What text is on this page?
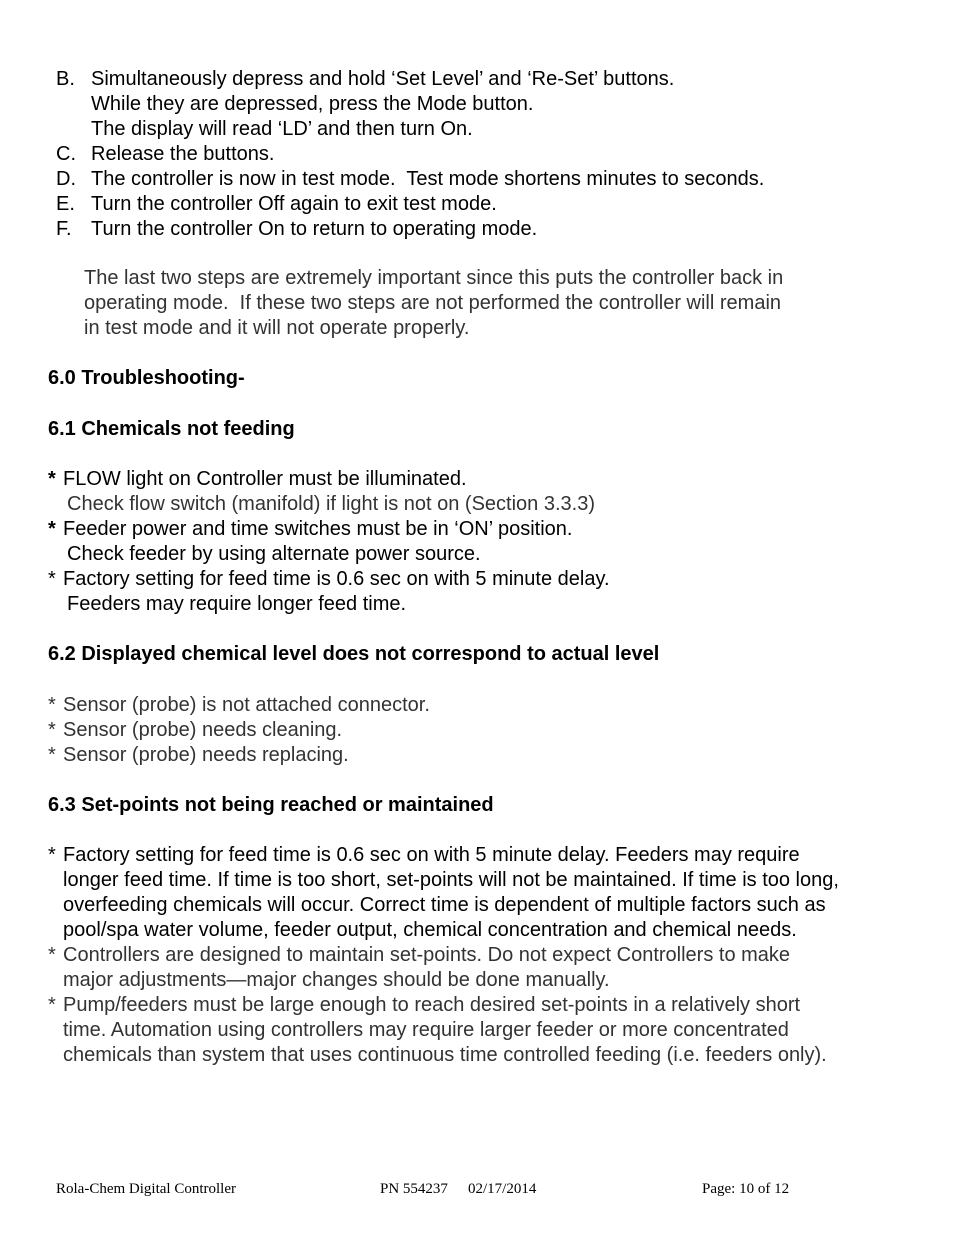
B. Simultaneously depress and hold ‘Set Level’ and ‘Re-Set’ buttons.
While they are depressed, press the Mode button.
The display will read ‘LD’ and then turn On.
C. Release the buttons.
D. The controller is now in test mode.  Test mode shortens minutes to seconds.
E. Turn the controller Off again to exit test mode.
F. Turn the controller On to return to operating mode.
The last two steps are extremely important since this puts the controller back in
operating mode.  If these two steps are not performed the controller will remain
in test mode and it will not operate properly.
6.0 Troubleshooting-
6.1 Chemicals not feeding
* FLOW light on Controller must be illuminated.
Check flow switch (manifold) if light is not on (Section 3.3.3)
* Feeder power and time switches must be in ‘ON’ position.
Check feeder by using alternate power source.
* Factory setting for feed time is 0.6 sec on with 5 minute delay.
Feeders may require longer feed time.
6.2 Displayed chemical level does not correspond to actual level
* Sensor (probe) is not attached connector.
* Sensor (probe) needs cleaning.
* Sensor (probe) needs replacing.
6.3 Set-points not being reached or maintained
* Factory setting for feed time is 0.6 sec on with 5 minute delay. Feeders may require
longer feed time. If time is too short, set-points will not be maintained. If time is too long,
overfeeding chemicals will occur. Correct time is dependent of multiple factors such as
pool/spa water volume, feeder output, chemical concentration and chemical needs.
* Controllers are designed to maintain set-points. Do not expect Controllers to make
major adjustments—major changes should be done manually.
* Pump/feeders must be large enough to reach desired set-points in a relatively short
time. Automation using controllers may require larger feeder or more concentrated
chemicals than system that uses continuous time controlled feeding (i.e. feeders only).
Rola-Chem Digital Controller	PN 554237 02/17/2014	Page: 10 of 12
